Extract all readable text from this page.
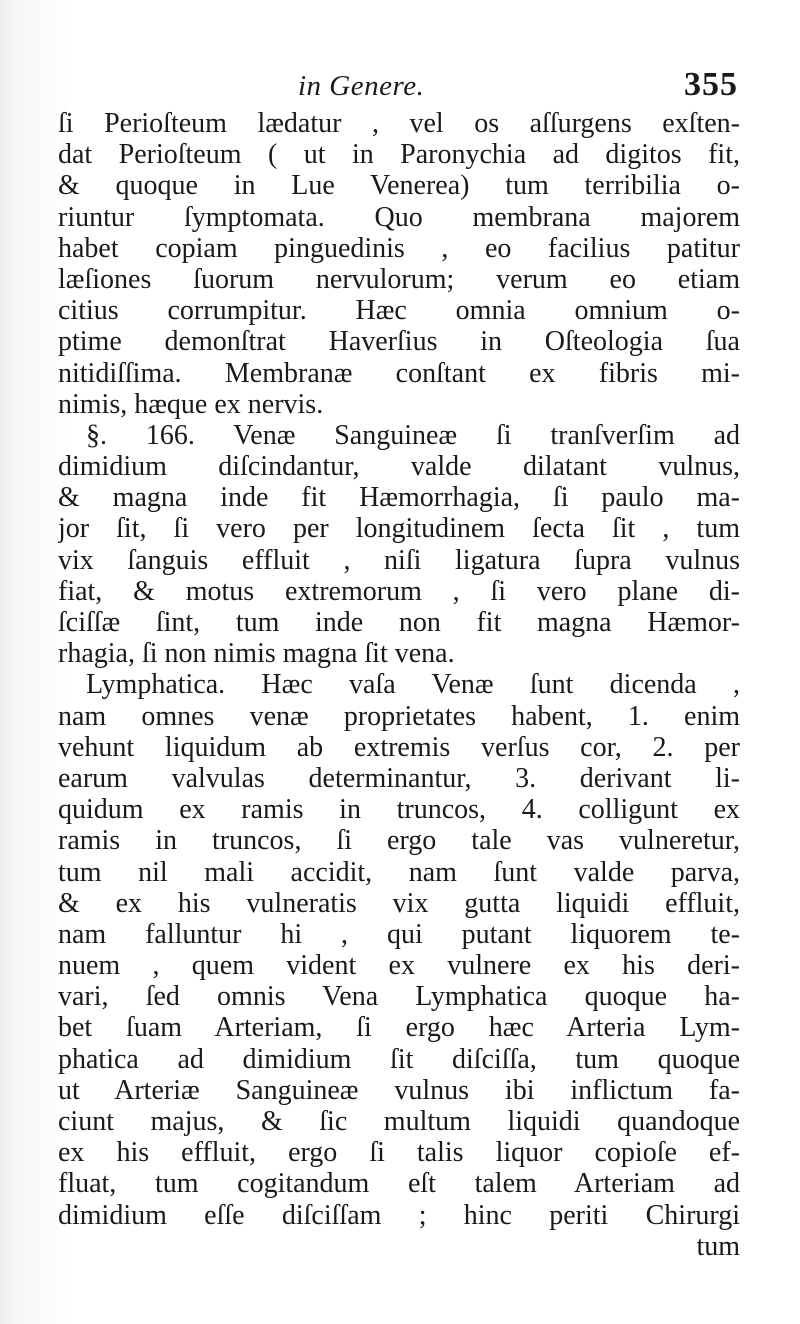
in Genere.	355
ſi Perioſteum lædatur , vel os aſſurgens exſten-
dat Perioſteum ( ut in Paronychia ad digitos fit,
& quoque in Lue Venerea) tum terribilia o-
riuntur ſymptomata. Quo membrana majorem
habet copiam pinguedinis , eo facilius patitur
læſiones ſuorum nervulorum; verum eo etiam
citius corrumpitur. Hæc omnia omnium o-
ptime demonſtrat Haverſius in Oſteologia ſua
nitidiſſima. Membranæ conſtant ex fibris mi-
nimis, hæque ex nervis.
§. 166. Venæ Sanguineæ ſi tranſverſim ad
dimidium diſcindantur, valde dilatant vulnus,
& magna inde fit Hæmorrhagia, ſi paulo ma-
jor ſit, ſi vero per longitudinem ſecta ſit , tum
vix ſanguis effluit , niſi ligatura ſupra vulnus
fiat, & motus extremorum , ſi vero plane di-
ſciſſæ ſint, tum inde non fit magna Hæmor-
rhagia, ſi non nimis magna ſit vena.
Lymphatica. Hæc vaſa Venæ ſunt dicenda ,
nam omnes venæ proprietates habent, 1. enim
vehunt liquidum ab extremis verſus cor, 2. per
earum valvulas determinantur, 3. derivant li-
quidum ex ramis in truncos, 4. colligunt ex
ramis in truncos, ſi ergo tale vas vulneretur,
tum nil mali accidit, nam ſunt valde parva,
& ex his vulneratis vix gutta liquidi effluit,
nam falluntur hi , qui putant liquorem te-
nuem , quem vident ex vulnere ex his deri-
vari, ſed omnis Vena Lymphatica quoque ha-
bet ſuam Arteriam, ſi ergo hæc Arteria Lym-
phatica ad dimidium ſit diſciſſa, tum quoque
ut Arteriæ Sanguineæ vulnus ibi inflictum fa-
ciunt majus, & ſic multum liquidi quandoque
ex his effluit, ergo ſi talis liquor copioſe ef-
fluat, tum cogitandum eſt talem Arteriam ad
dimidium eſſe diſciſſam ; hinc periti Chirurgi
tum
